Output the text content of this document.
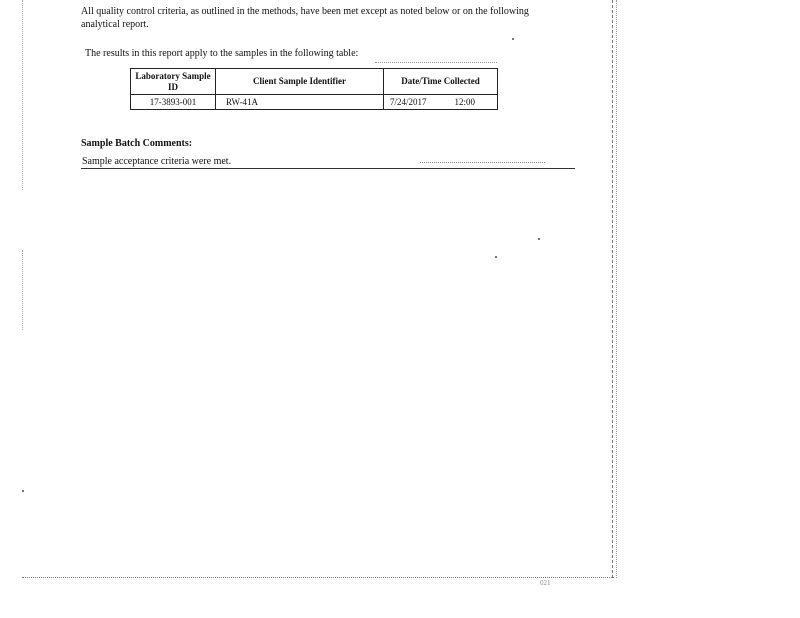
All quality control criteria, as outlined in the methods, have been met except as noted below or on the following analytical report.

The results in this report apply to the samples in the following table:

Laboratory Sample ID	Client Sample Identifier	Date/Time Collected
17-3893-001	RW-41A	7/24/2017 12:00

Sample Batch Comments:

Sample acceptance criteria were met.

021
